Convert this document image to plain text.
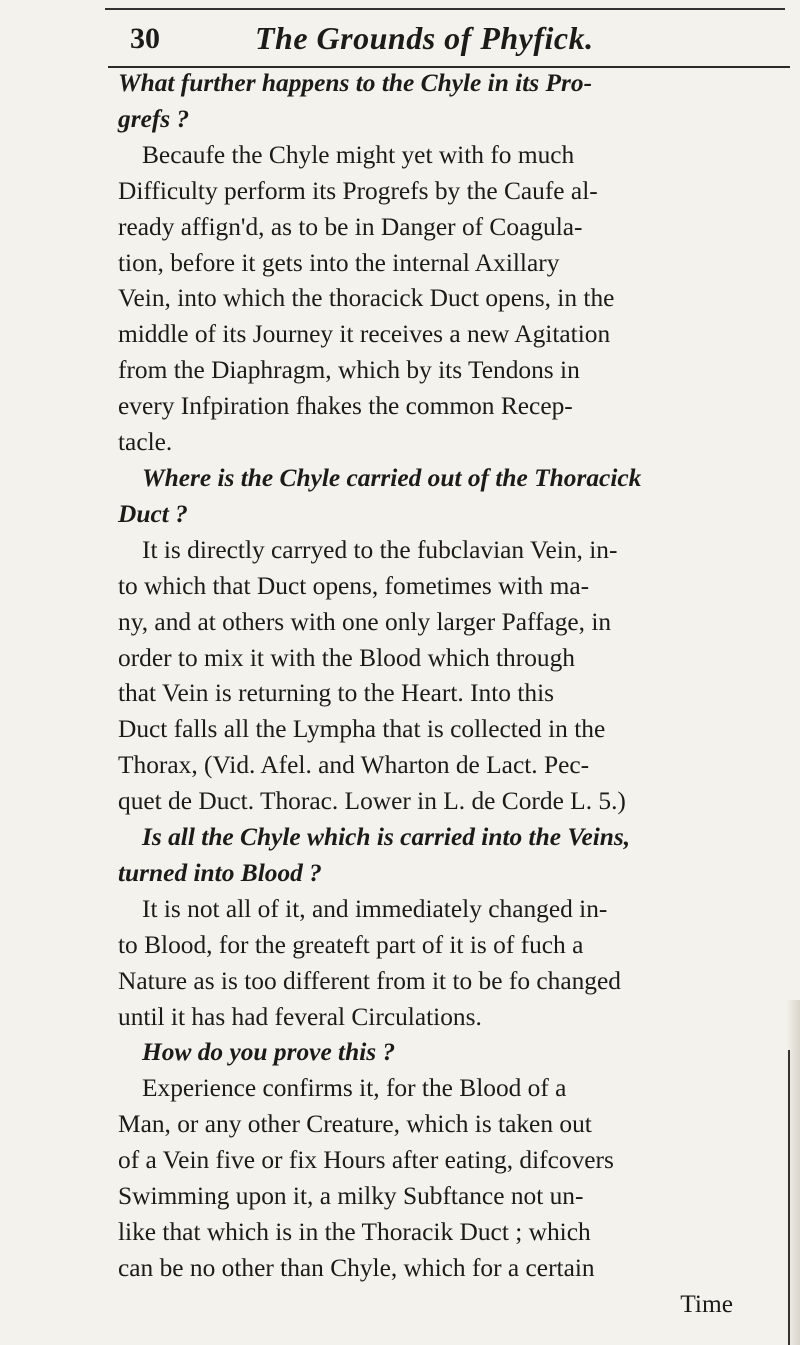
30	The Grounds of Phyfick.
What further happens to the Chyle in its Pro-
grefs ?
Becaufe the Chyle might yet with fo much
Difficulty perform its Progrefs by the Caufe al-
ready affign'd, as to be in Danger of Coagula-
tion, before it gets into the internal Axillary
Vein, into which the thoracick Duct opens, in the
middle of its Journey it receives a new Agitation
from the Diaphragm, which by its Tendons in
every Infpiration fhakes the common Recep-
tacle.
Where is the Chyle carried out of the Thoracick
Duct ?
It is directly carryed to the fubclavian Vein, in-
to which that Duct opens, fometimes with ma-
ny, and at others with one only larger Paffage, in
order to mix it with the Blood which through
that Vein is returning to the Heart. Into this
Duct falls all the Lympha that is collected in the
Thorax, (Vid. Afel. and Wharton de Lact. Pec-
quet de Duct. Thorac. Lower in L. de Corde L. 5.)
Is all the Chyle which is carried into the Veins,
turned into Blood ?
It is not all of it, and immediately changed in-
to Blood, for the greateft part of it is of fuch a
Nature as is too different from it to be fo changed
until it has had feveral Circulations.
How do you prove this ?
Experience confirms it, for the Blood of a
Man, or any other Creature, which is taken out
of a Vein five or fix Hours after eating, difcovers
Swimming upon it, a milky Subftance not un-
like that which is in the Thoracik Duct ; which
can be no other than Chyle, which for a certain
Time
